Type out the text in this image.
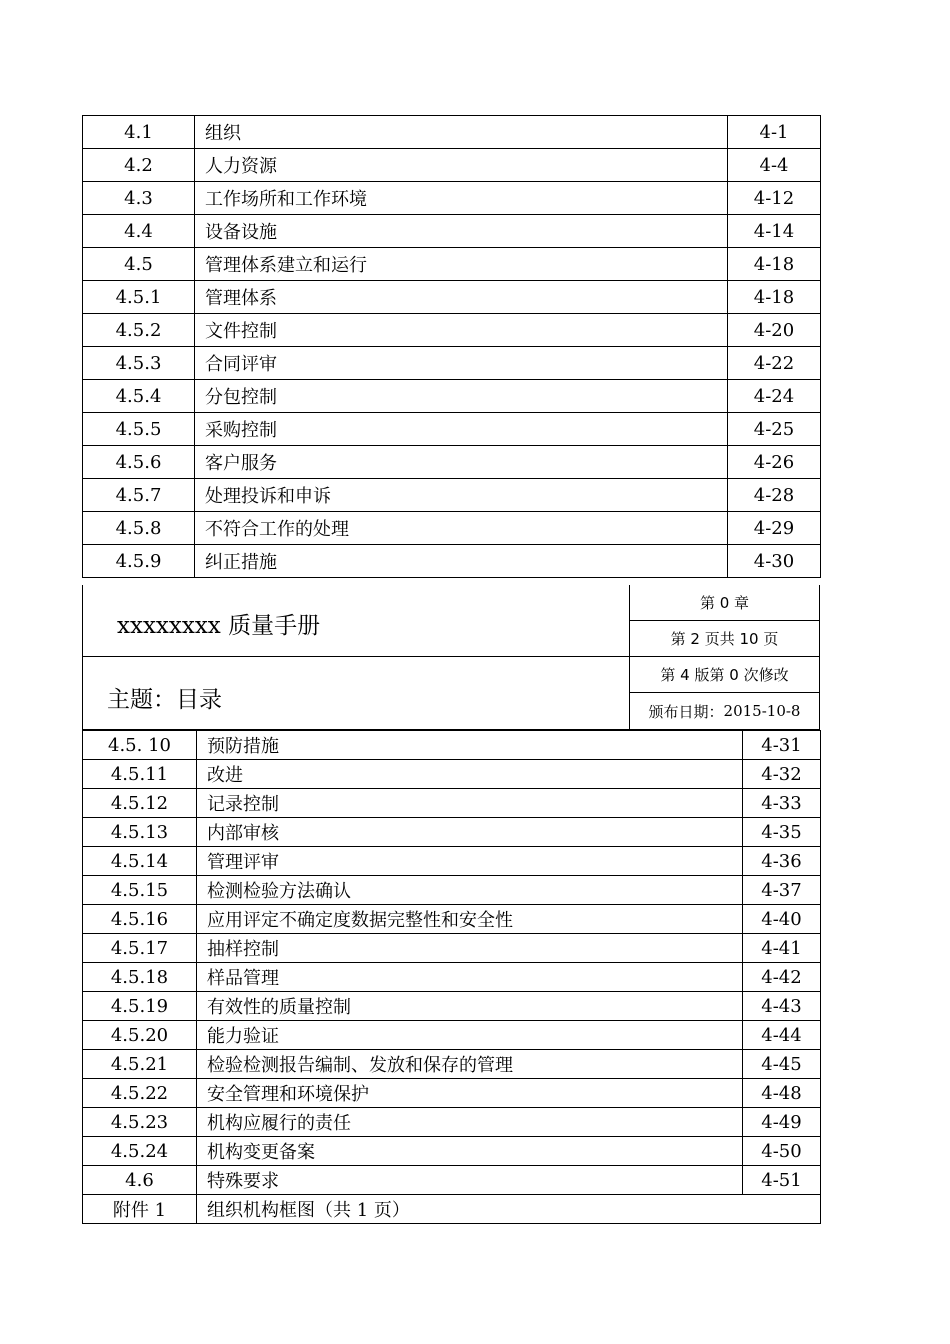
4.1	组织	4-1
4.2	人力资源	4-4
4.3	工作场所和工作环境	4-12
4.4	设备设施	4-14
4.5	管理体系建立和运行	4-18
4.5.1	管理体系	4-18
4.5.2	文件控制	4-20
4.5.3	合同评审	4-22
4.5.4	分包控制	4-24
4.5.5	采购控制	4-25
4.5.6	客户服务	4-26
4.5.7	处理投诉和申诉	4-28
4.5.8	不符合工作的处理	4-29
4.5.9	纠正措施	4-30
xxxxxxxx 质量手册
主题：目录
第 0 章
第 2 页共 10 页
第 4 版第 0 次修改
颁布日期： 2015-10-8
4.5. 10	预防措施	4-31
4.5.11	改进	4-32
4.5.12	记录控制	4-33
4.5.13	内部审核	4-35
4.5.14	管理评审	4-36
4.5.15	检测检验方法确认	4-37
4.5.16	应用评定不确定度数据完整性和安全性	4-40
4.5.17	抽样控制	4-41
4.5.18	样品管理	4-42
4.5.19	有效性的质量控制	4-43
4.5.20	能力验证	4-44
4.5.21	检验检测报告编制、发放和保存的管理	4-45
4.5.22	安全管理和环境保护	4-48
4.5.23	机构应履行的责任	4-49
4.5.24	机构变更备案	4-50
4.6	特殊要求	4-51
附件 1	组织机构框图（共 1 页）	
